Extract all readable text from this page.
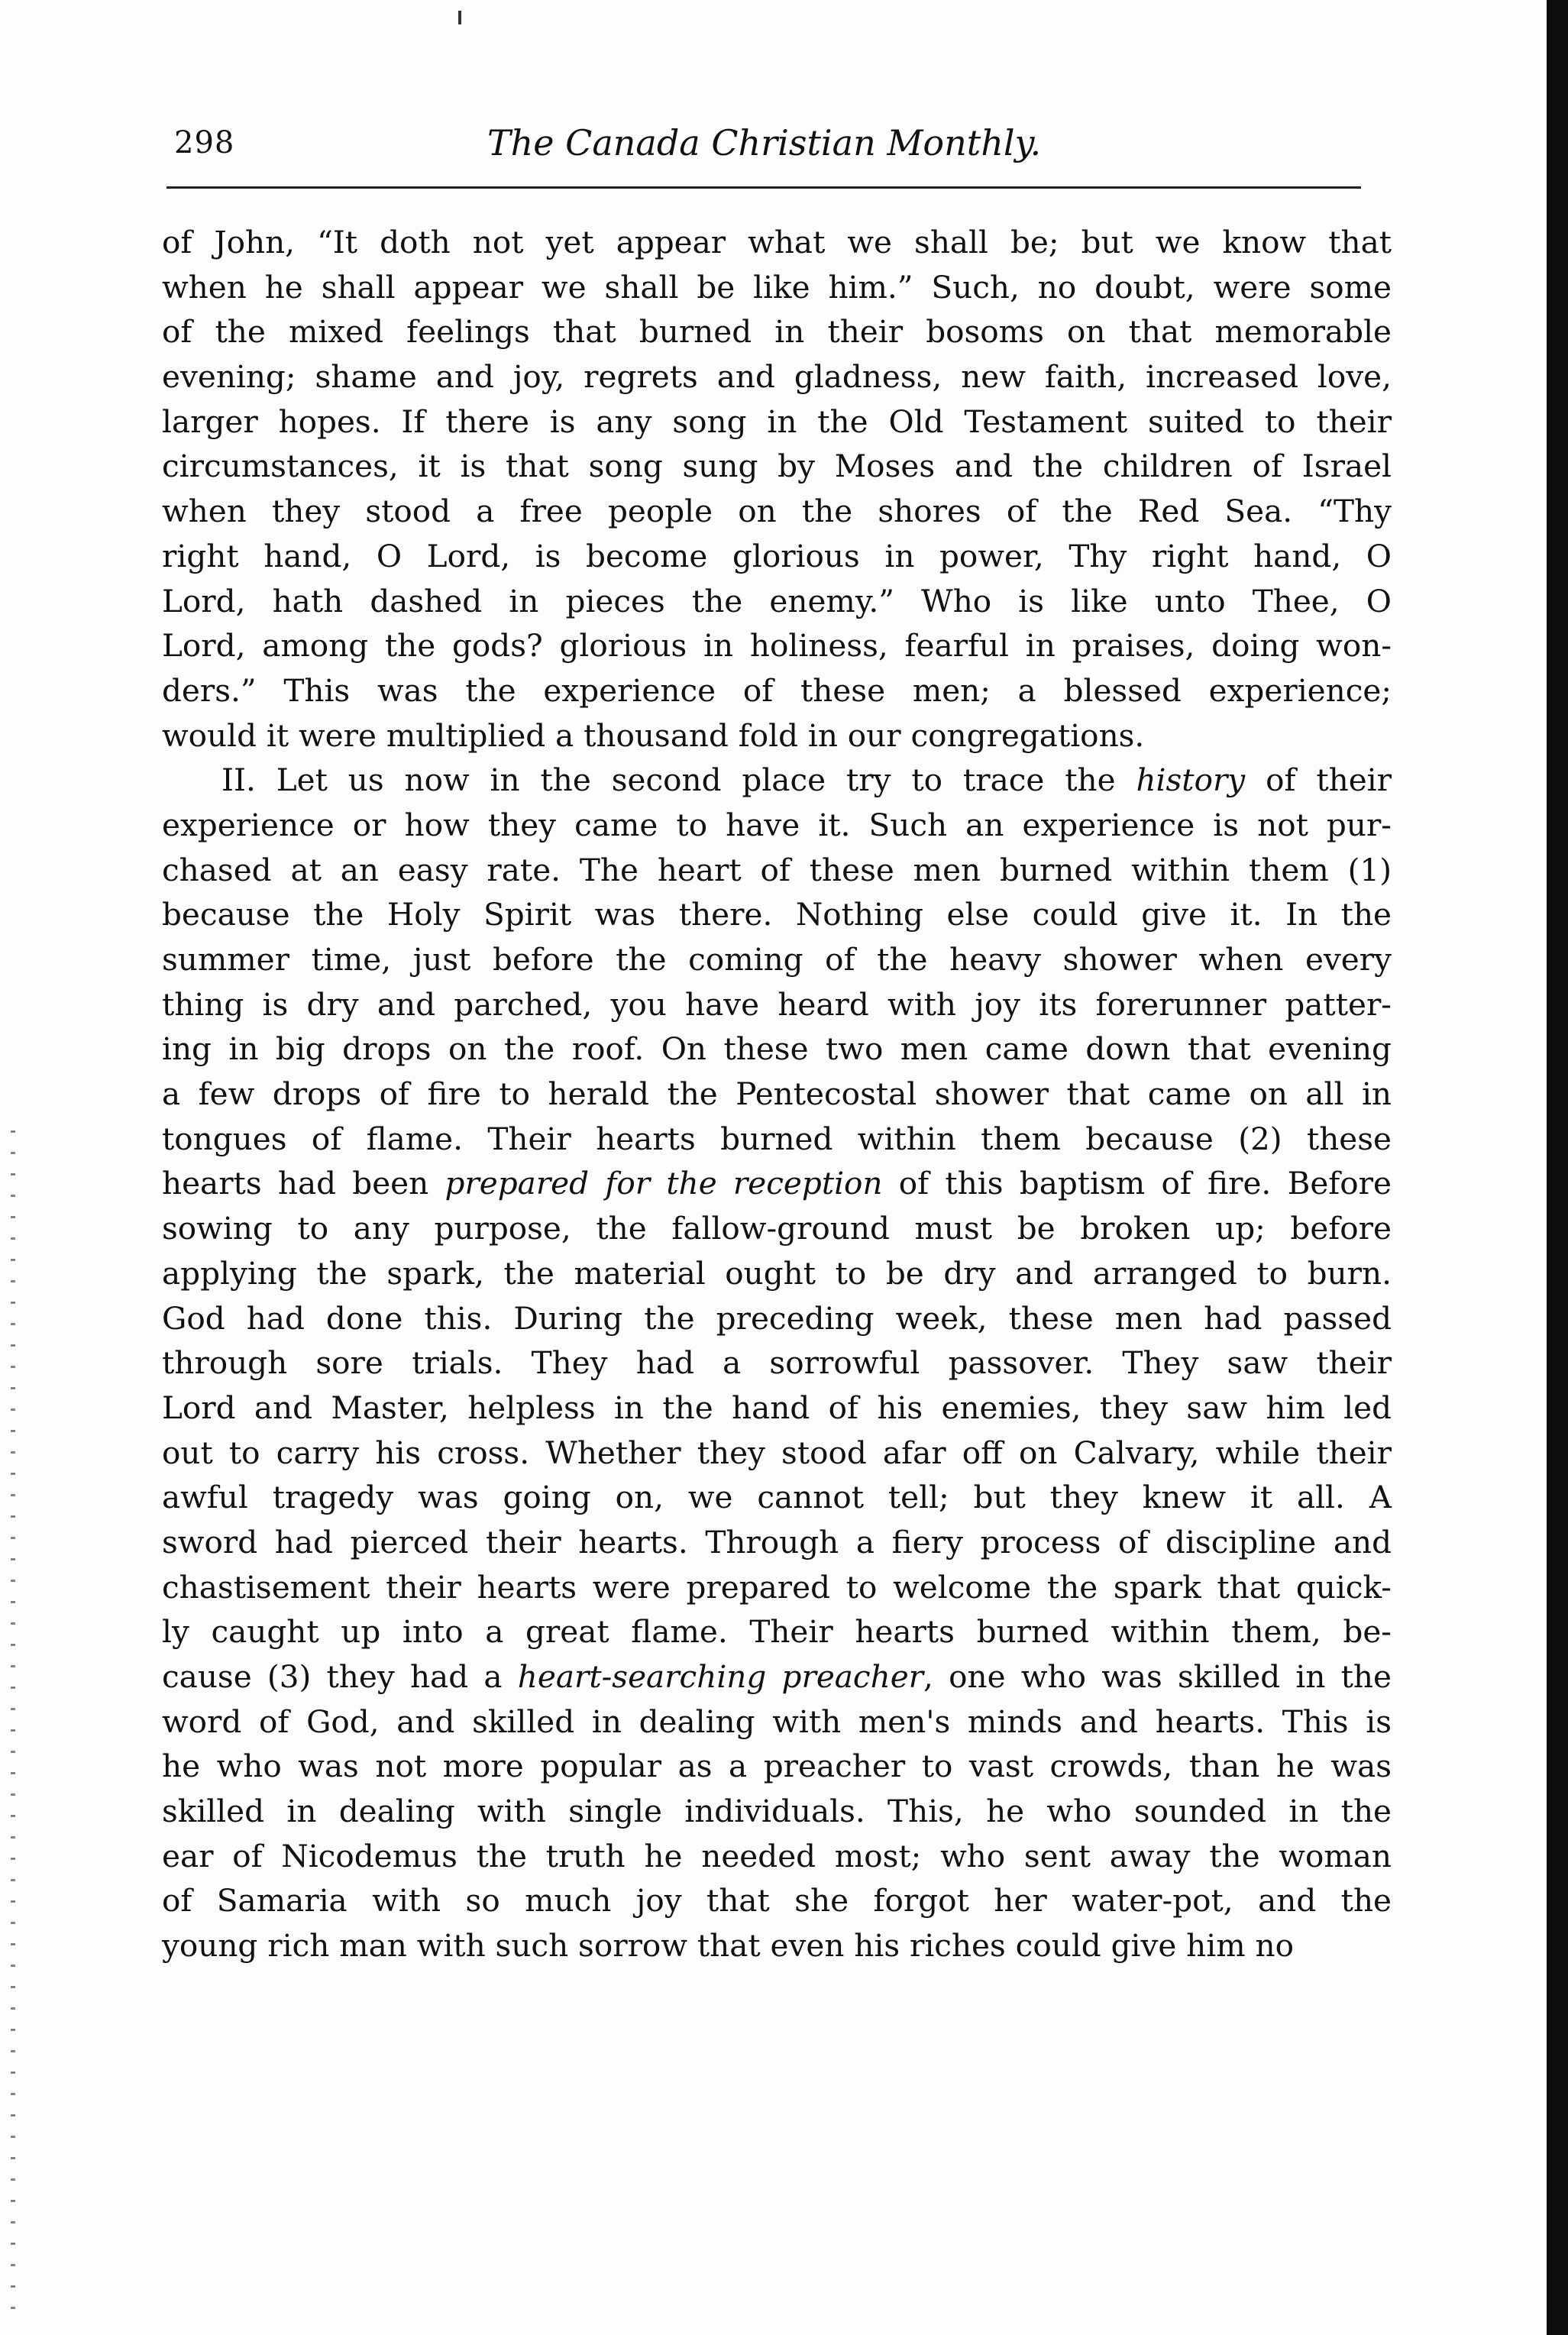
298	The Canada Christian Monthly.
of John, “It doth not yet appear what we shall be; but we know that
when he shall appear we shall be like him.” Such, no doubt, were some
of the mixed feelings that burned in their bosoms on that memorable
evening; shame and joy, regrets and gladness, new faith, increased love,
larger hopes. If there is any song in the Old Testament suited to their
circumstances, it is that song sung by Moses and the children of Israel
when they stood a free people on the shores of the Red Sea. “Thy
right hand, O Lord, is become glorious in power, Thy right hand, O
Lord, hath dashed in pieces the enemy.” Who is like unto Thee, O
Lord, among the gods? glorious in holiness, fearful in praises, doing won-
ders.” This was the experience of these men; a blessed experience;
would it were multiplied a thousand fold in our congregations.
II. Let us now in the second place try to trace the history of their
experience or how they came to have it. Such an experience is not pur-
chased at an easy rate. The heart of these men burned within them (1)
because the Holy Spirit was there. Nothing else could give it. In the
summer time, just before the coming of the heavy shower when every
thing is dry and parched, you have heard with joy its forerunner patter-
ing in big drops on the roof. On these two men came down that evening
a few drops of fire to herald the Pentecostal shower that came on all in
tongues of flame. Their hearts burned within them because (2) these
hearts had been prepared for the reception of this baptism of fire. Before
sowing to any purpose, the fallow-ground must be broken up; before
applying the spark, the material ought to be dry and arranged to burn.
God had done this. During the preceding week, these men had passed
through sore trials. They had a sorrowful passover. They saw their
Lord and Master, helpless in the hand of his enemies, they saw him led
out to carry his cross. Whether they stood afar off on Calvary, while their
awful tragedy was going on, we cannot tell; but they knew it all. A
sword had pierced their hearts. Through a fiery process of discipline and
chastisement their hearts were prepared to welcome the spark that quick-
ly caught up into a great flame. Their hearts burned within them, be-
cause (3) they had a heart-searching preacher, one who was skilled in the
word of God, and skilled in dealing with men's minds and hearts. This is
he who was not more popular as a preacher to vast crowds, than he was
skilled in dealing with single individuals. This, he who sounded in the
ear of Nicodemus the truth he needed most; who sent away the woman
of Samaria with so much joy that she forgot her water-pot, and the
young rich man with such sorrow that even his riches could give him no
